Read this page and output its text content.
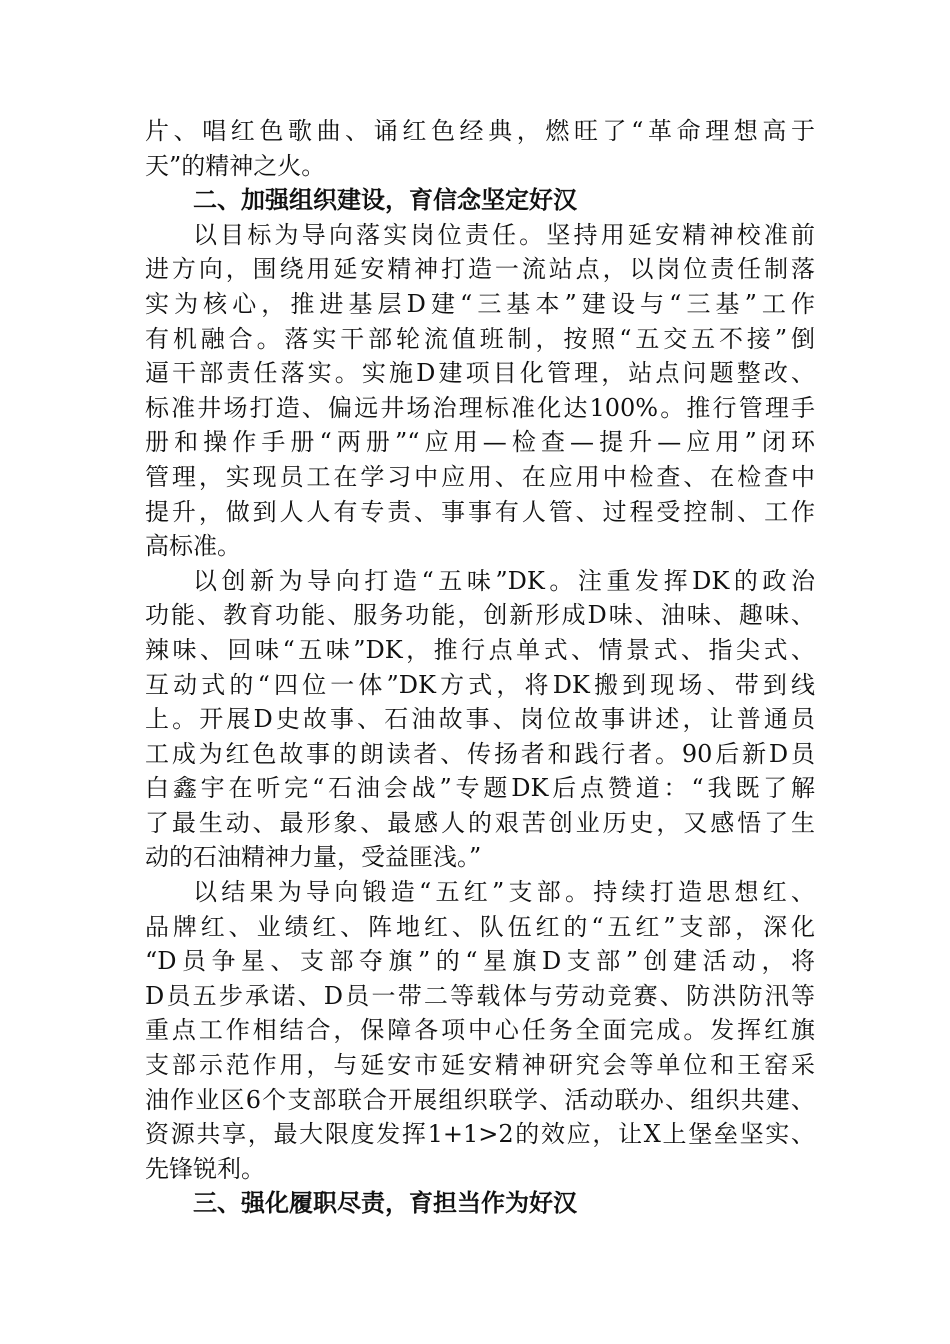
片、唱红色歌曲、诵红色经典，燃旺了“革命理想高于
天”的精神之火。
二、加强组织建设，育信念坚定好汉
以目标为导向落实岗位责任。坚持用延安精神校准前
进方向，围绕用延安精神打造一流站点，以岗位责任制落
实为核心，推进基层D建“三基本”建设与“三基”工作
有机融合。落实干部轮流值班制，按照“五交五不接”倒
逼干部责任落实。实施D建项目化管理，站点问题整改、
标准井场打造、偏远井场治理标准化达100%。推行管理手
册和操作手册“两册”“应用—检查—提升—应用”闭环
管理，实现员工在学习中应用、在应用中检查、在检查中
提升，做到人人有专责、事事有人管、过程受控制、工作
高标准。
以创新为导向打造“五味”DK。注重发挥DK的政治
功能、教育功能、服务功能，创新形成D味、油味、趣味、
辣味、回味“五味”DK，推行点单式、情景式、指尖式、
互动式的“四位一体”DK方式，将DK搬到现场、带到线
上。开展D史故事、石油故事、岗位故事讲述，让普通员
工成为红色故事的朗读者、传扬者和践行者。90后新D员
白鑫宇在听完“石油会战”专题DK后点赞道：“我既了解
了最生动、最形象、最感人的艰苦创业历史，又感悟了生
动的石油精神力量，受益匪浅。”
以结果为导向锻造“五红”支部。持续打造思想红、
品牌红、业绩红、阵地红、队伍红的“五红”支部，深化
“D员争星、支部夺旗”的“星旗D支部”创建活动，将
D员五步承诺、D员一带二等载体与劳动竞赛、防洪防汛等
重点工作相结合，保障各项中心任务全面完成。发挥红旗
支部示范作用，与延安市延安精神研究会等单位和王窑采
油作业区6个支部联合开展组织联学、活动联办、组织共建、
资源共享，最大限度发挥1+1>2的效应，让X上堡垒坚实、
先锋锐利。
三、强化履职尽责，育担当作为好汉
